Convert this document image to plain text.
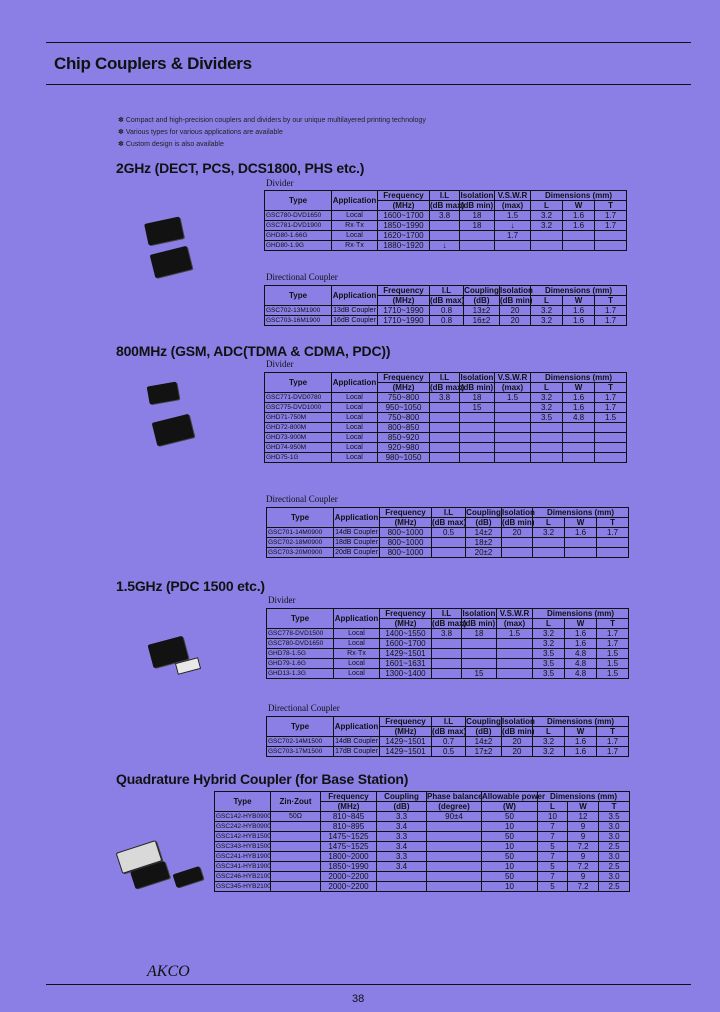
Chip Couplers & Dividers
✽ Compact and high-precision couplers and dividers by our unique multilayered printing technology
✽ Various types for various applications are available
✽ Custom design is also available
2GHz (DECT, PCS, DCS1800, PHS etc.)
Divider
Type	Application	Frequency	I.L	Isolation	V.S.W.R	Dimensions (mm)		
		(MHz)	(dB max)	(dB min)	(max)	L	W	T
GSC780-DVD1650	Local	1600~1700	3.8	18	1.5	3.2	1.6	1.7
GSC781-DVD1900	Rx·Tx	1850~1990		18	↓	3.2	1.6	1.7
GHD80-1.66G	Local	1620~1700			1.7			
GHD80-1.9G	Rx·Tx	1880~1920	↓					
Directional Coupler
Type	Application	Frequency	I.L	Coupling	Isolation	Dimensions (mm)		
		(MHz)	(dB max)	(dB)	(dB min)	L	W	T
GSC702-13M1900	13dB Coupler	1710~1990	0.8	13±2	20	3.2	1.6	1.7
GSC703-16M1900	16dB Coupler	1710~1990	0.8	16±2	20	3.2	1.6	1.7
800MHz (GSM, ADC(TDMA & CDMA, PDC))
Divider
Type	Application	Frequency	I.L	Isolation	V.S.W.R	Dimensions (mm)		
		(MHz)	(dB max)	(dB min)	(max)	L	W	T
GSC771-DVD0780	Local	750~800	3.8	18	1.5	3.2	1.6	1.7
GSC775-DVD1000	Local	950~1050		15		3.2	1.6	1.7
GHD71-750M	Local	750~800				3.5	4.8	1.5
GHD72-800M	Local	800~850						
GHD73-900M	Local	850~920						
GHD74-950M	Local	920~980						
GHD75-1G	Local	980~1050						
Directional Coupler
Type	Application	Frequency	I.L	Coupling	Isolation	Dimensions (mm)		
		(MHz)	(dB max)	(dB)	(dB min)	L	W	T
GSC701-14M0900	14dB Coupler	800~1000	0.5	14±2	20	3.2	1.6	1.7
GSC702-18M0900	18dB Coupler	800~1000		18±2				
GSC703-20M0900	20dB Coupler	800~1000		20±2				
1.5GHz (PDC 1500 etc.)
Divider
Type	Application	Frequency	I.L	Isolation	V.S.W.R	Dimensions (mm)		
		(MHz)	(dB max)	(dB min)	(max)	L	W	T
GSC778-DVD1500	Local	1400~1550	3.8	18	1.5	3.2	1.6	1.7
GSC780-DVD1650	Local	1600~1700				3.2	1.6	1.7
GHD78-1.5G	Rx·Tx	1429~1501				3.5	4.8	1.5
GHD79-1.6G	Local	1601~1631				3.5	4.8	1.5
GHD13-1.3G	Local	1300~1400		15		3.5	4.8	1.5
Directional Coupler
Type	Application	Frequency	I.L	Coupling	Isolation	Dimensions (mm)		
		(MHz)	(dB max)	(dB)	(dB min)	L	W	T
GSC702-14M1500	14dB Coupler	1429~1501	0.7	14±2	20	3.2	1.6	1.7
GSC703-17M1500	17dB Coupler	1429~1501	0.5	17±2	20	3.2	1.6	1.7
Quadrature Hybrid Coupler (for Base Station)
Type	Zin·Zout	Frequency	Coupling	Phase balance	Allowable power	Dimensions (mm)		
		(MHz)	(dB)	(degree)	(W)	L	W	T
GSC142-HYB0900	50Ω	810~845	3.3	90±4	50	10	12	3.5
GSC242-HYB0900		810~895	3.4		10	7	9	3.0
GSC142-HYB1500		1475~1525	3.3		50	7	9	3.0
GSC343-HYB1500		1475~1525	3.4		10	5	7.2	2.5
GSC241-HYB1900		1800~2000	3.3		50	7	9	3.0
GSC341-HYB1900		1850~1990	3.4		10	5	7.2	2.5
GSC246-HYB2100		2000~2200			50	7	9	3.0
GSC345-HYB2100		2000~2200			10	5	7.2	2.5
AKCO
38
